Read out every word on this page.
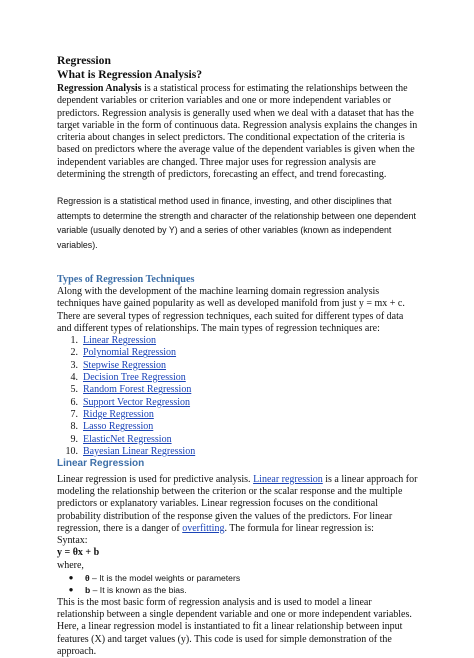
Regression
What is Regression Analysis?

Regression Analysis is a statistical process for estimating the relationships between the dependent variables or criterion variables and one or more independent variables or predictors. Regression analysis is generally used when we deal with a dataset that has the target variable in the form of continuous data. Regression analysis explains the changes in criteria about changes in select predictors. The conditional expectation of the criteria is based on predictors where the average value of the dependent variables is given when the independent variables are changed. Three major uses for regression analysis are determining the strength of predictors, forecasting an effect, and trend forecasting.

Regression is a statistical method used in finance, investing, and other disciplines that attempts to determine the strength and character of the relationship between one dependent variable (usually denoted by Y) and a series of other variables (known as independent variables).

Types of Regression Techniques

Along with the development of the machine learning domain regression analysis techniques have gained popularity as well as developed manifold from just y = mx + c. There are several types of regression techniques, each suited for different types of data and different types of relationships. The main types of regression techniques are:

1. Linear Regression
2. Polynomial Regression
3. Stepwise Regression
4. Decision Tree Regression
5. Random Forest Regression
6. Support Vector Regression
7. Ridge Regression
8. Lasso Regression
9. ElasticNet Regression
10. Bayesian Linear Regression
Linear Regression

Linear regression is used for predictive analysis. Linear regression is a linear approach for modeling the relationship between the criterion or the scalar response and the multiple predictors or explanatory variables. Linear regression focuses on the conditional probability distribution of the response given the values of the predictors. For linear regression, there is a danger of overfitting. The formula for linear regression is:

Syntax:
y = θx + b
where,
●	θ – It is the model weights or parameters
●	b – It is known as the bias.

This is the most basic form of regression analysis and is used to model a linear relationship between a single dependent variable and one or more independent variables.

Here, a linear regression model is instantiated to fit a linear relationship between input features (X) and target values (y). This code is used for simple demonstration of the approach.
